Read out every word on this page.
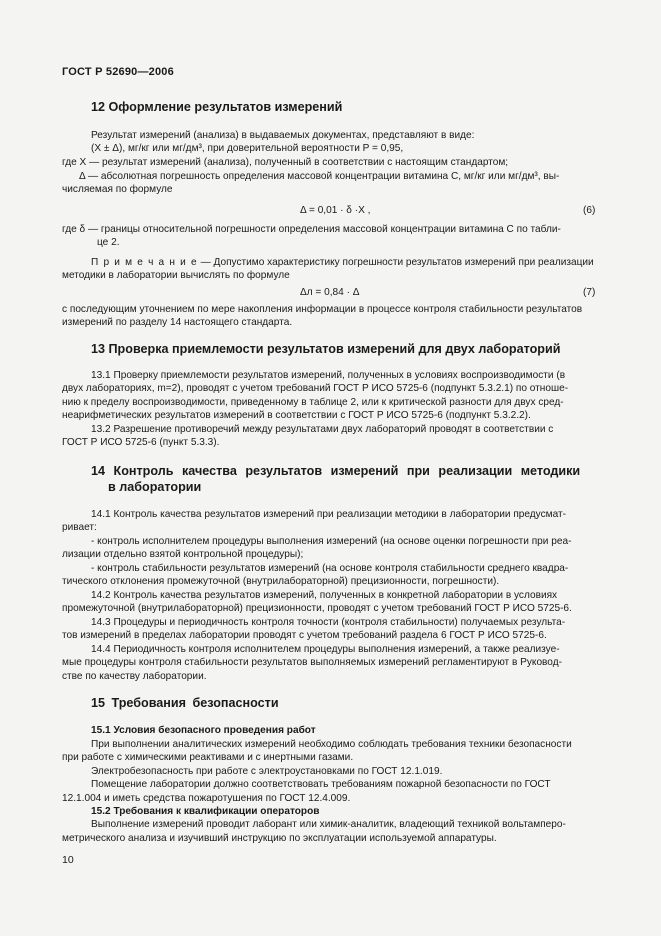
ГОСТ Р 52690—2006
12 Оформление результатов измерений
Результат измерений (анализа) в выдаваемых документах, представляют в виде:
(X ± Δ), мг/кг или мг/дм³, при доверительной вероятности P = 0,95,
где X — результат измерений (анализа), полученный в соответствии с настоящим стандартом;
Δ — абсолютная погрешность определения массовой концентрации витамина С, мг/кг или мг/дм³, вы-
числяемая по формуле
Δ = 0,01 · δ ·X ,	(6)
где δ — границы относительной погрешности определения массовой концентрации витамина С по табли-
це 2.
П р и м е ч а н и е — Допустимо характеристику погрешности результатов измерений при реализации
методики в лаборатории вычислять по формуле
Δл = 0,84 · Δ	(7)
с последующим уточнением по мере накопления информации в процессе контроля стабильности результатов
измерений по разделу 14 настоящего стандарта.
13 Проверка приемлемости результатов измерений для двух лабораторий
13.1 Проверку приемлемости результатов измерений, полученных в условиях воспроизводимости (в
двух лабораториях, m=2), проводят с учетом требований ГОСТ Р ИСО 5725-6 (подпункт 5.3.2.1) по отноше-
нию к пределу воспроизводимости, приведенному в таблице 2, или к критической разности для двух сред-
неарифметических результатов измерений в соответствии с ГОСТ Р ИСО 5725-6 (подпункт 5.3.2.2).
13.2 Разрешение противоречий между результатами двух лабораторий проводят в соответствии с
ГОСТ Р ИСО 5725-6 (пункт 5.3.3).
14 Контроль качества результатов измерений при реализации методики
в лаборатории
14.1 Контроль качества результатов измерений при реализации методики в лаборатории предусмат-
ривает:
- контроль исполнителем процедуры выполнения измерений (на основе оценки погрешности при реа-
лизации отдельно взятой контрольной процедуры);
- контроль стабильности результатов измерений (на основе контроля стабильности среднего квадра-
тического отклонения промежуточной (внутрилабораторной) прецизионности, погрешности).
14.2 Контроль качества результатов измерений, полученных в конкретной лаборатории в условиях
промежуточной (внутрилабораторной) прецизионности, проводят с учетом требований ГОСТ Р ИСО 5725-6.
14.3 Процедуры и периодичность контроля точности (контроля стабильности) получаемых результа-
тов измерений в пределах лаборатории проводят с учетом требований раздела 6 ГОСТ Р ИСО 5725-6.
14.4 Периодичность контроля исполнителем процедуры выполнения измерений, а также реализуе-
мые процедуры контроля стабильности результатов выполняемых измерений регламентируют в Руковод-
стве по качеству лаборатории.
15 Требования безопасности
15.1 Условия безопасного проведения работ
При выполнении аналитических измерений необходимо соблюдать требования техники безопасности
при работе с химическими реактивами и с инертными газами.
Электробезопасность при работе с электроустановками по ГОСТ 12.1.019.
Помещение лаборатории должно соответствовать требованиям пожарной безопасности по ГОСТ
12.1.004 и иметь средства пожаротушения по ГОСТ 12.4.009.
15.2 Требования к квалификации операторов
Выполнение измерений проводит лаборант или химик-аналитик, владеющий техникой вольтамперо-
метрического анализа и изучивший инструкцию по эксплуатации используемой аппаратуры.
10
